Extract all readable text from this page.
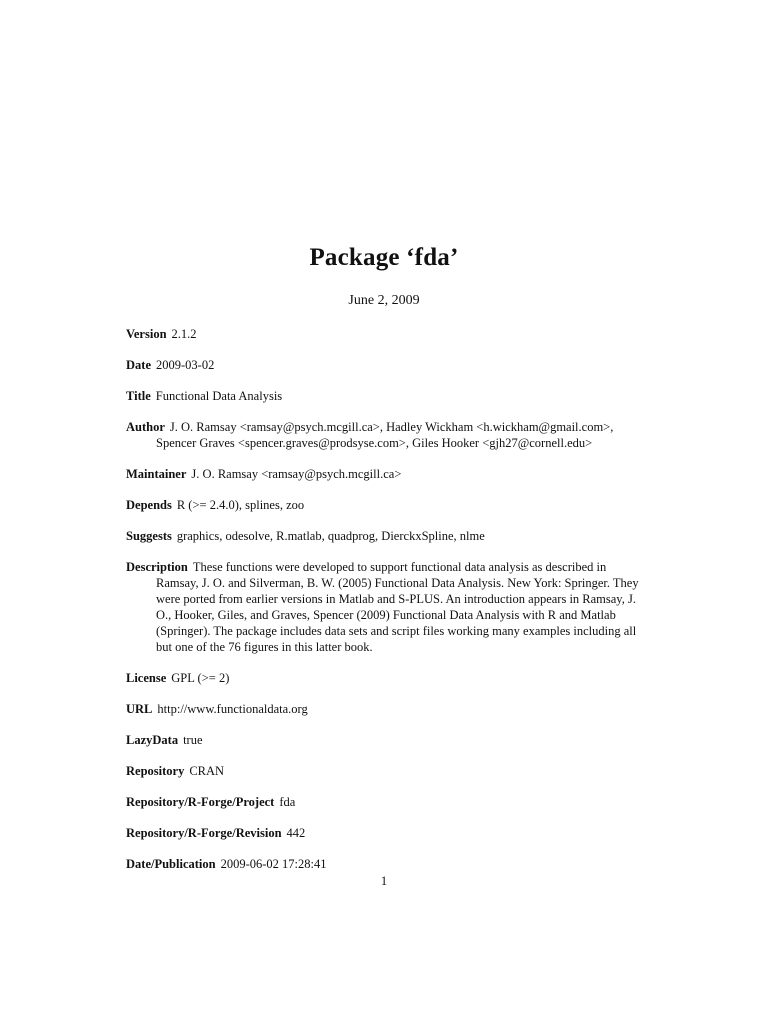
Package ‘fda’
June 2, 2009
Version 2.1.2
Date 2009-03-02
Title Functional Data Analysis
Author J. O. Ramsay <ramsay@psych.mcgill.ca>, Hadley Wickham <h.wickham@gmail.com>, Spencer Graves <spencer.graves@prodsyse.com>, Giles Hooker <gjh27@cornell.edu>
Maintainer J. O. Ramsay <ramsay@psych.mcgill.ca>
Depends R (>= 2.4.0), splines, zoo
Suggests graphics, odesolve, R.matlab, quadprog, DierckxSpline, nlme
Description These functions were developed to support functional data analysis as described in Ramsay, J. O. and Silverman, B. W. (2005) Functional Data Analysis. New York: Springer. They were ported from earlier versions in Matlab and S-PLUS. An introduction appears in Ramsay, J. O., Hooker, Giles, and Graves, Spencer (2009) Functional Data Analysis with R and Matlab (Springer). The package includes data sets and script files working many examples including all but one of the 76 figures in this latter book.
License GPL (>= 2)
URL http://www.functionaldata.org
LazyData true
Repository CRAN
Repository/R-Forge/Project fda
Repository/R-Forge/Revision 442
Date/Publication 2009-06-02 17:28:41
1
